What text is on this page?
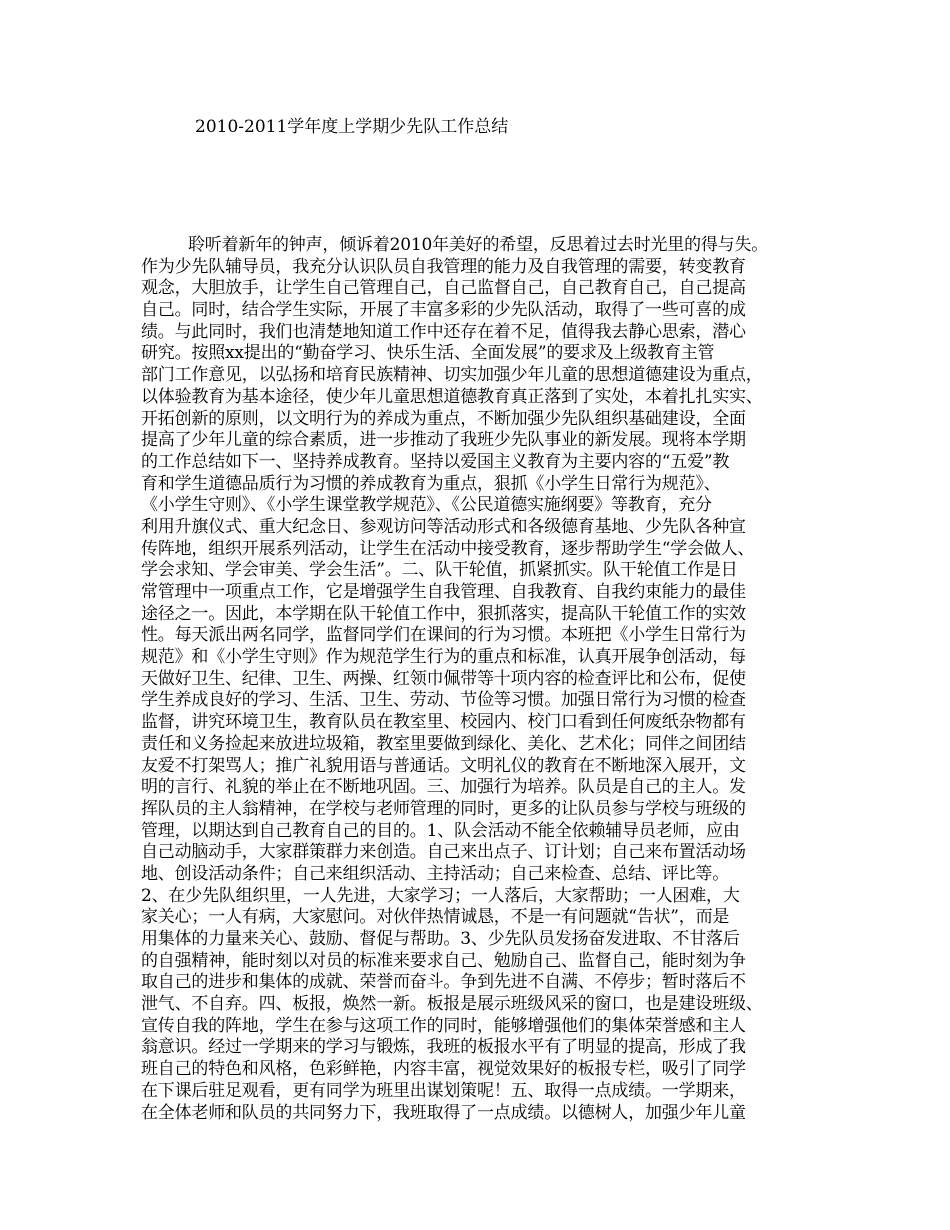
2010-2011学年度上学期少先队工作总结
聆听着新年的钟声，倾诉着2010年美好的希望，反思着过去时光里的得与失。
作为少先队辅导员，我充分认识队员自我管理的能力及自我管理的需要，转变教育
观念，大胆放手，让学生自己管理自己，自己监督自己，自己教育自己，自己提高
自己。同时，结合学生实际，开展了丰富多彩的少先队活动，取得了一些可喜的成
绩。与此同时，我们也清楚地知道工作中还存在着不足，值得我去静心思索，潜心
研究。按照xx提出的“勤奋学习、快乐生活、全面发展”的要求及上级教育主管
部门工作意见，以弘扬和培育民族精神、切实加强少年儿童的思想道德建设为重点，
以体验教育为基本途径，使少年儿童思想道德教育真正落到了实处，本着扎扎实实、
开拓创新的原则，以文明行为的养成为重点，不断加强少先队组织基础建设，全面
提高了少年儿童的综合素质，进一步推动了我班少先队事业的新发展。现将本学期
的工作总结如下一、坚持养成教育。坚持以爱国主义教育为主要内容的“五爱”教
育和学生道德品质行为习惯的养成教育为重点，狠抓《小学生日常行为规范》、
《小学生守则》、《小学生课堂教学规范》、《公民道德实施纲要》等教育，充分
利用升旗仪式、重大纪念日、参观访问等活动形式和各级德育基地、少先队各种宣
传阵地，组织开展系列活动，让学生在活动中接受教育，逐步帮助学生“学会做人、
学会求知、学会审美、学会生活”。二、队干轮值，抓紧抓实。队干轮值工作是日
常管理中一项重点工作，它是增强学生自我管理、自我教育、自我约束能力的最佳
途径之一。因此，本学期在队干轮值工作中，狠抓落实，提高队干轮值工作的实效
性。每天派出两名同学，监督同学们在课间的行为习惯。本班把《小学生日常行为
规范》和《小学生守则》作为规范学生行为的重点和标准，认真开展争创活动，每
天做好卫生、纪律、卫生、两操、红领巾佩带等十项内容的检查评比和公布，促使
学生养成良好的学习、生活、卫生、劳动、节俭等习惯。加强日常行为习惯的检查
监督，讲究环境卫生，教育队员在教室里、校园内、校门口看到任何废纸杂物都有
责任和义务捡起来放进垃圾箱，教室里要做到绿化、美化、艺术化；同伴之间团结
友爱不打架骂人；推广礼貌用语与普通话。文明礼仪的教育在不断地深入展开，文
明的言行、礼貌的举止在不断地巩固。三、加强行为培养。队员是自己的主人。发
挥队员的主人翁精神，在学校与老师管理的同时，更多的让队员参与学校与班级的
管理，以期达到自己教育自己的目的。1、队会活动不能全依赖辅导员老师，应由
自己动脑动手，大家群策群力来创造。自己来出点子、订计划；自己来布置活动场
地、创设活动条件；自己来组织活动、主持活动；自己来检查、总结、评比等。
2、在少先队组织里，一人先进，大家学习；一人落后，大家帮助；一人困难，大
家关心；一人有病，大家慰问。对伙伴热情诚恳，不是一有问题就“告状”，而是
用集体的力量来关心、鼓励、督促与帮助。3、少先队员发扬奋发进取、不甘落后
的自强精神，能时刻以对员的标准来要求自己、勉励自己、监督自己，能时刻为争
取自己的进步和集体的成就、荣誉而奋斗。争到先进不自满、不停步；暂时落后不
泄气、不自弃。四、板报，焕然一新。板报是展示班级风采的窗口，也是建设班级、
宣传自我的阵地，学生在参与这项工作的同时，能够增强他们的集体荣誉感和主人
翁意识。经过一学期来的学习与锻炼，我班的板报水平有了明显的提高，形成了我
班自己的特色和风格，色彩鲜艳，内容丰富，视觉效果好的板报专栏，吸引了同学
在下课后驻足观看，更有同学为班里出谋划策呢！五、取得一点成绩。一学期来，
在全体老师和队员的共同努力下，我班取得了一点成绩。以德树人，加强少年儿童
